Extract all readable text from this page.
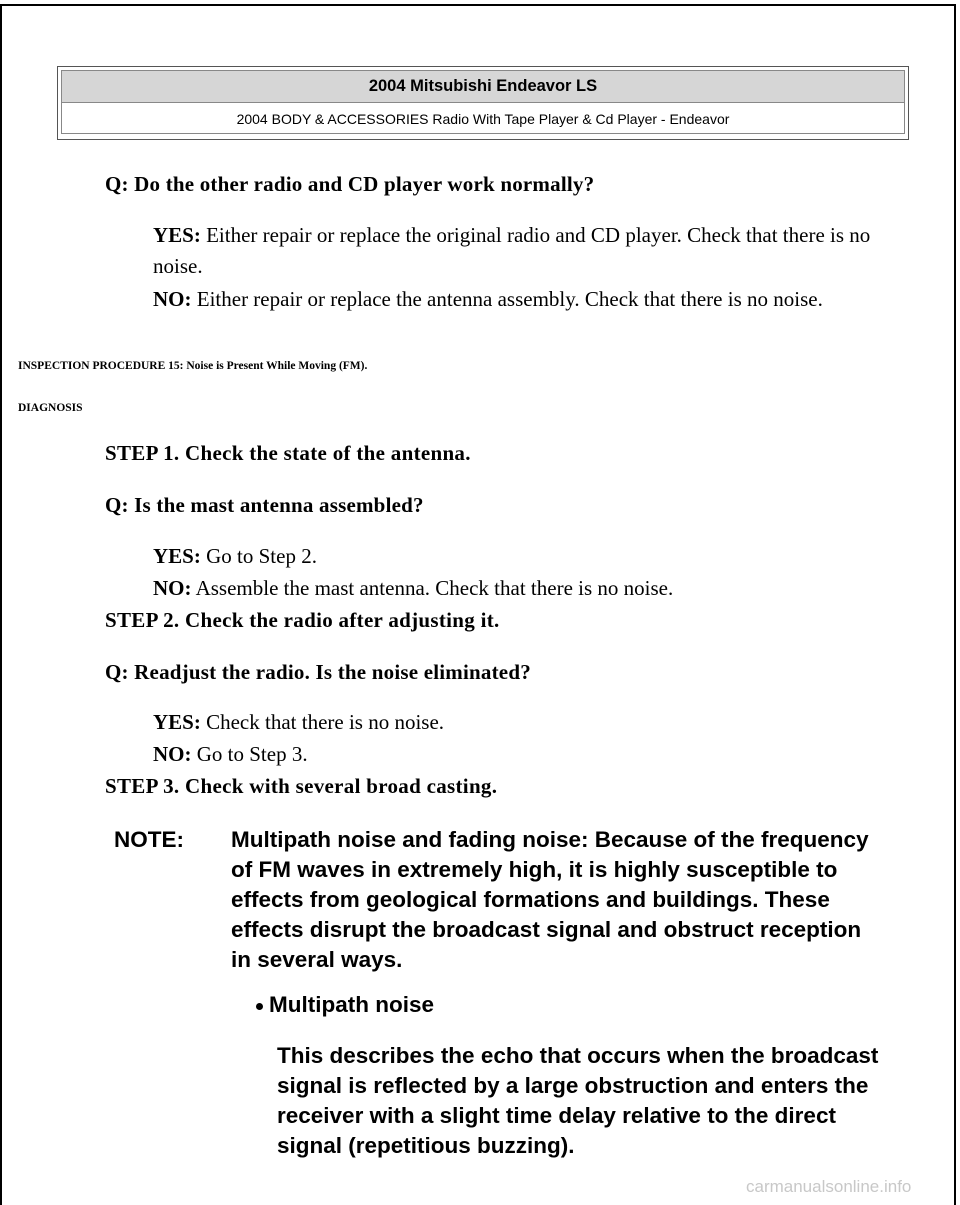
2004 Mitsubishi Endeavor LS
2004 BODY & ACCESSORIES Radio With Tape Player & Cd Player - Endeavor
Q: Do the other radio and CD player work normally?
YES: Either repair or replace the original radio and CD player. Check that there is no noise.
NO: Either repair or replace the antenna assembly. Check that there is no noise.
INSPECTION PROCEDURE 15: Noise is Present While Moving (FM).
DIAGNOSIS
STEP 1. Check the state of the antenna.
Q: Is the mast antenna assembled?
YES: Go to Step 2.
NO: Assemble the mast antenna. Check that there is no noise.
STEP 2. Check the radio after adjusting it.
Q: Readjust the radio. Is the noise eliminated?
YES: Check that there is no noise.
NO: Go to Step 3.
STEP 3. Check with several broad casting.
NOTE: Multipath noise and fading noise: Because of the frequency of FM waves in extremely high, it is highly susceptible to effects from geological formations and buildings. These effects disrupt the broadcast signal and obstruct reception in several ways.
Multipath noise
This describes the echo that occurs when the broadcast signal is reflected by a large obstruction and enters the receiver with a slight time delay relative to the direct signal (repetitious buzzing).
carmanualsonline.info
